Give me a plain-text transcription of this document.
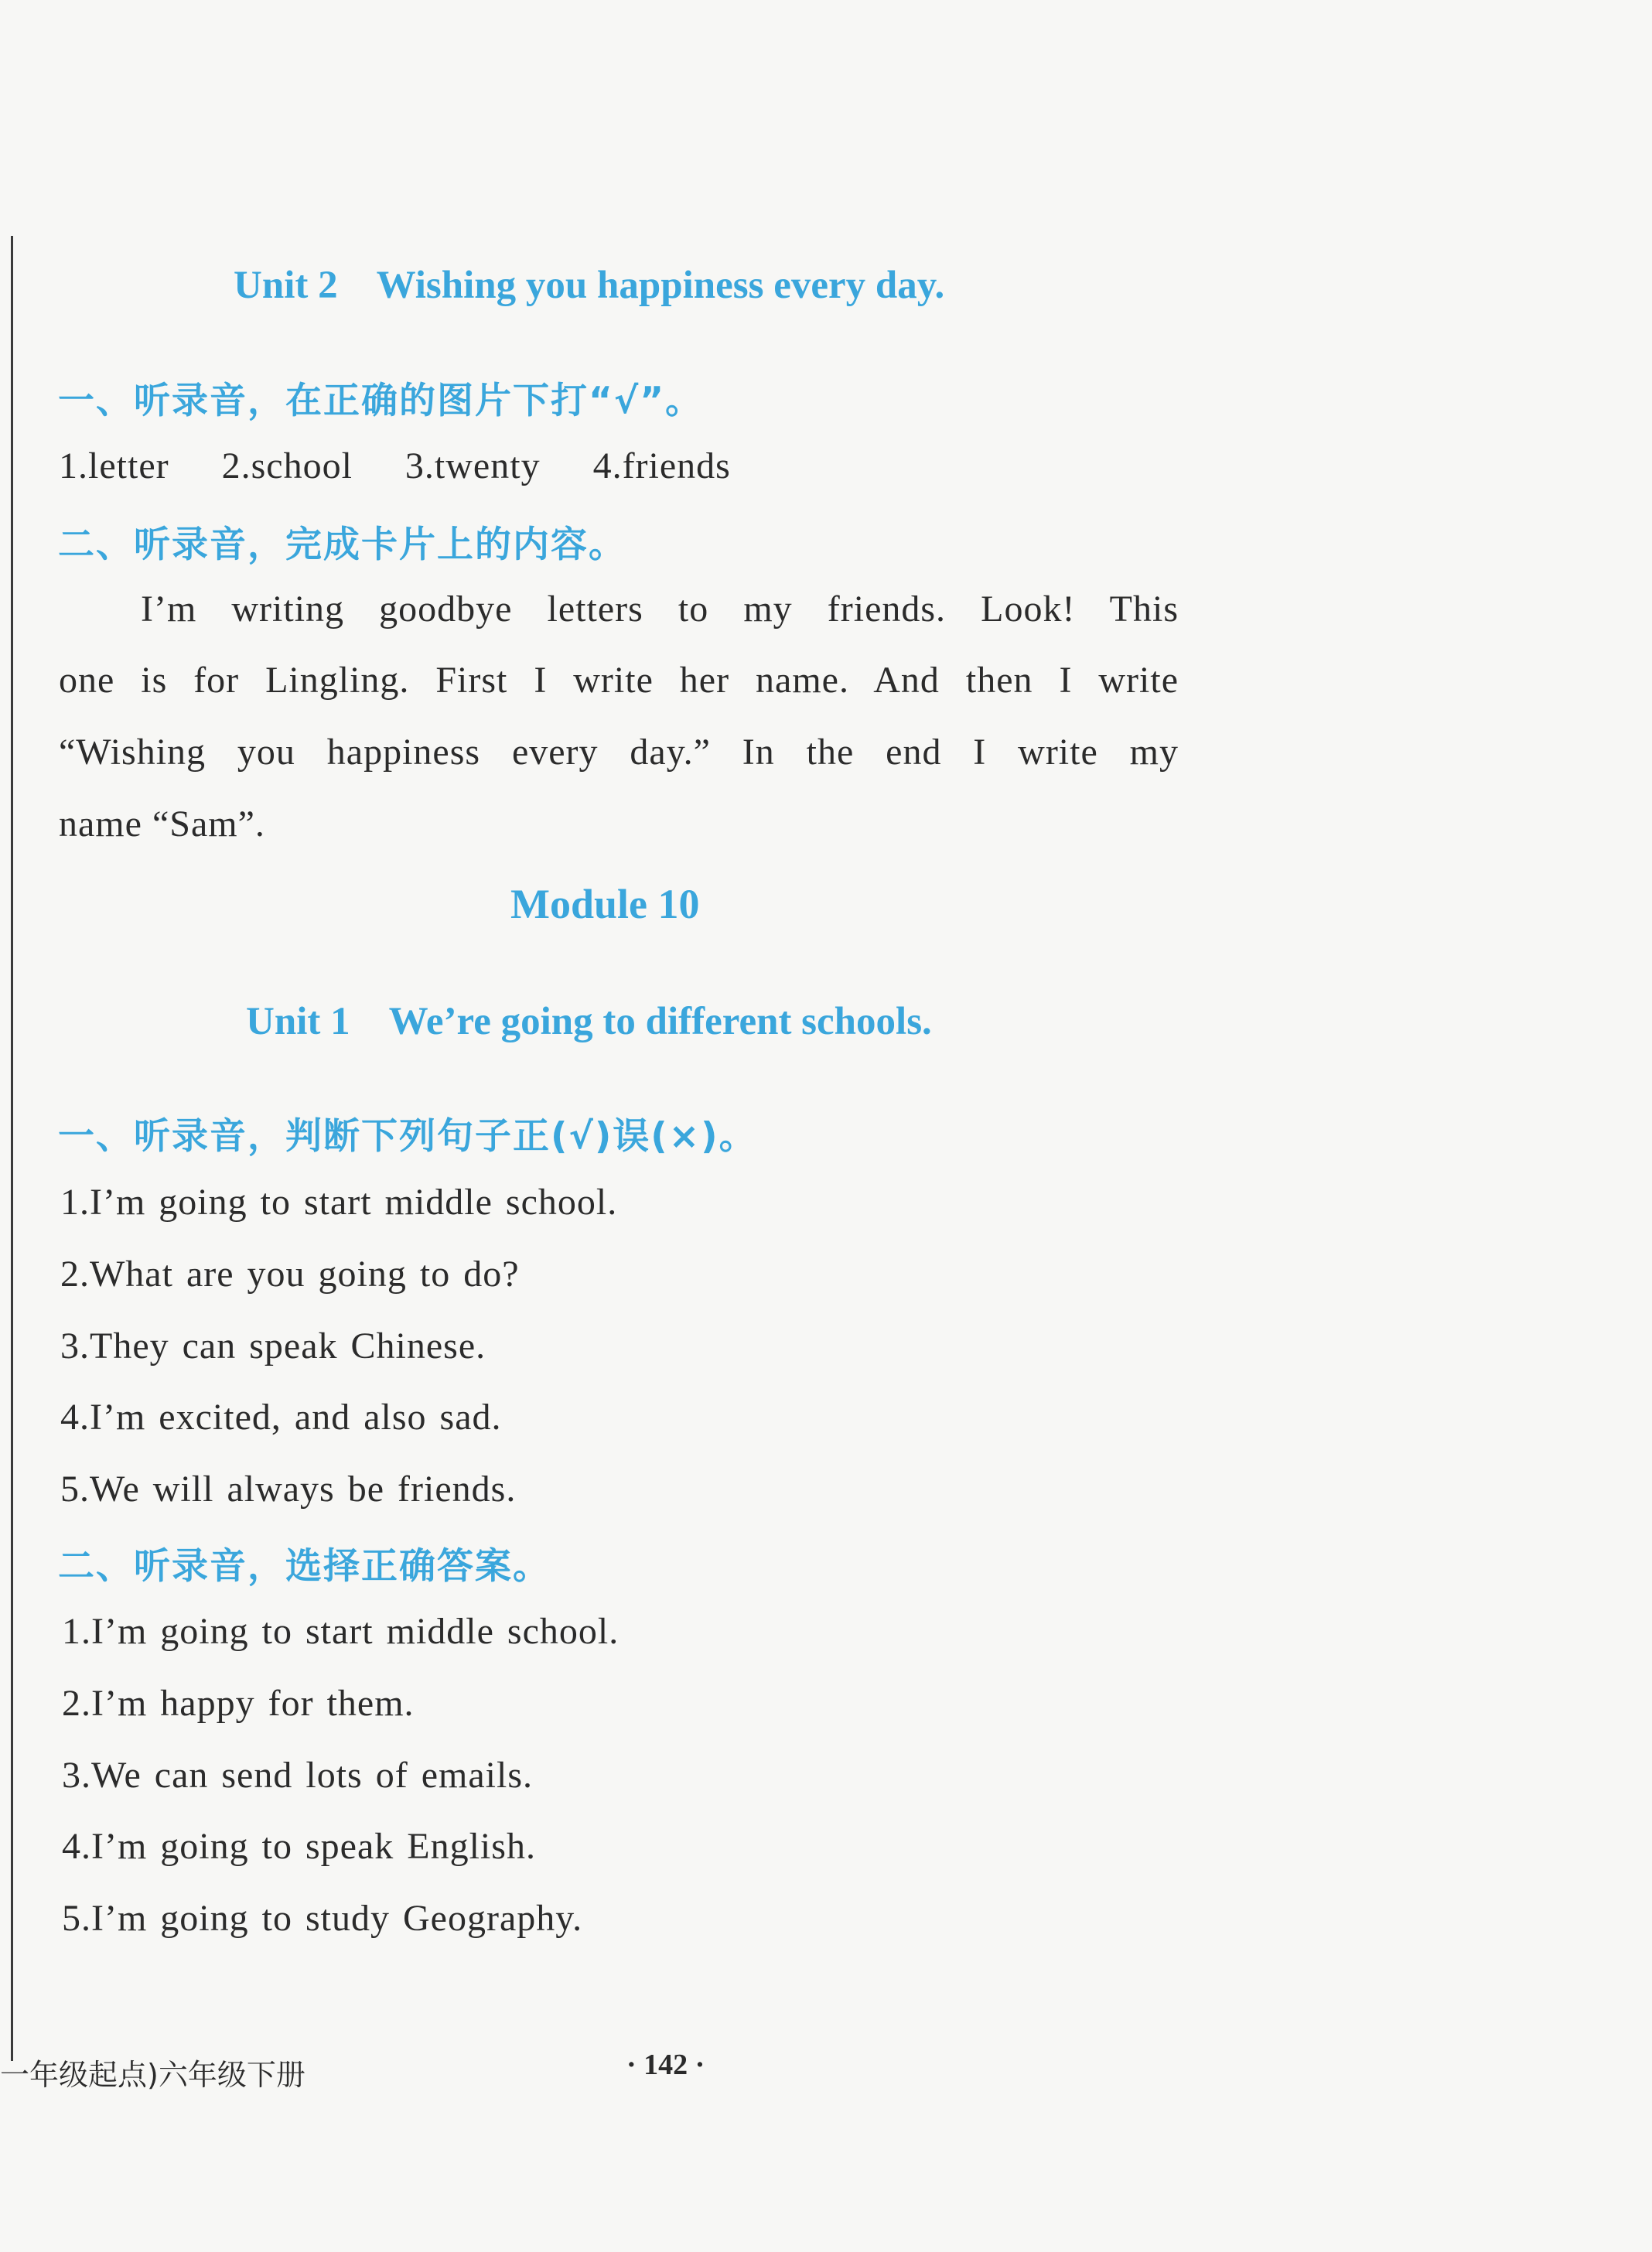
Unit 2    Wishing you happiness every day.
一、听录音，在正确的图片下打“√”。
1.letter    2.school    3.twenty    4.friends
二、听录音，完成卡片上的内容。
I’m writing goodbye letters to my friends. Look! This
one is for Lingling. First I write her name. And then I write
“Wishing you happiness every day.” In the end I write my
name “Sam”.
Module 10
Unit 1    We’re going to different schools.
一、听录音，判断下列句子正(√)误(×)。
1.I’m going to start middle school.
2.What are you going to do?
3.They can speak Chinese.
4.I’m excited, and also sad.
5.We will always be friends.
二、听录音，选择正确答案。
1.I’m going to start middle school.
2.I’m happy for them.
3.We can send lots of emails.
4.I’m going to speak English.
5.I’m going to study Geography.
一年级起点)六年级下册	· 142 ·
